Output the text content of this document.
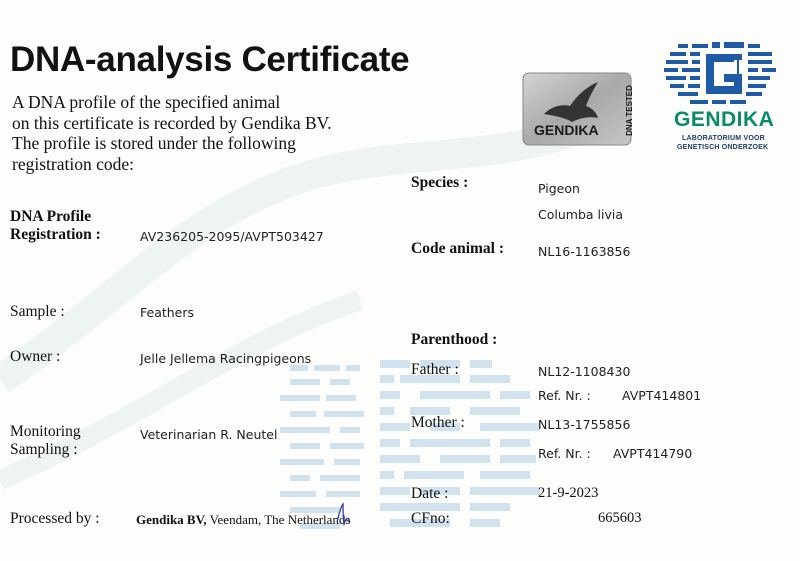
DNA-analysis Certificate
A DNA profile of the specified animal
on this certificate is recorded by Gendika BV.
The profile is stored under the following
registration code:
GENDIKA	DNA TESTED GENDIKA
LABORATORIUM VOOR
GENETISCH ONDERZOEK
DNA Profile
Registration :	AV236205-2095/AVPT503427
Sample :	Feathers
Owner :	Jelle Jellema Racingpigeons
Monitoring
Sampling :
Veterinarian R. Neutel
Processed by :	Gendika BV, Veendam, The Netherlands
Species :	Pigeon
Columba livia
Code animal :	NL16-1163856
Parenthood :
Father :	NL12-1108430
Ref. Nr. : AVPT414801
Mother :	NL13-1755856
Ref. Nr. : AVPT414790
Date :	21-9-2023
CFno:	665603
